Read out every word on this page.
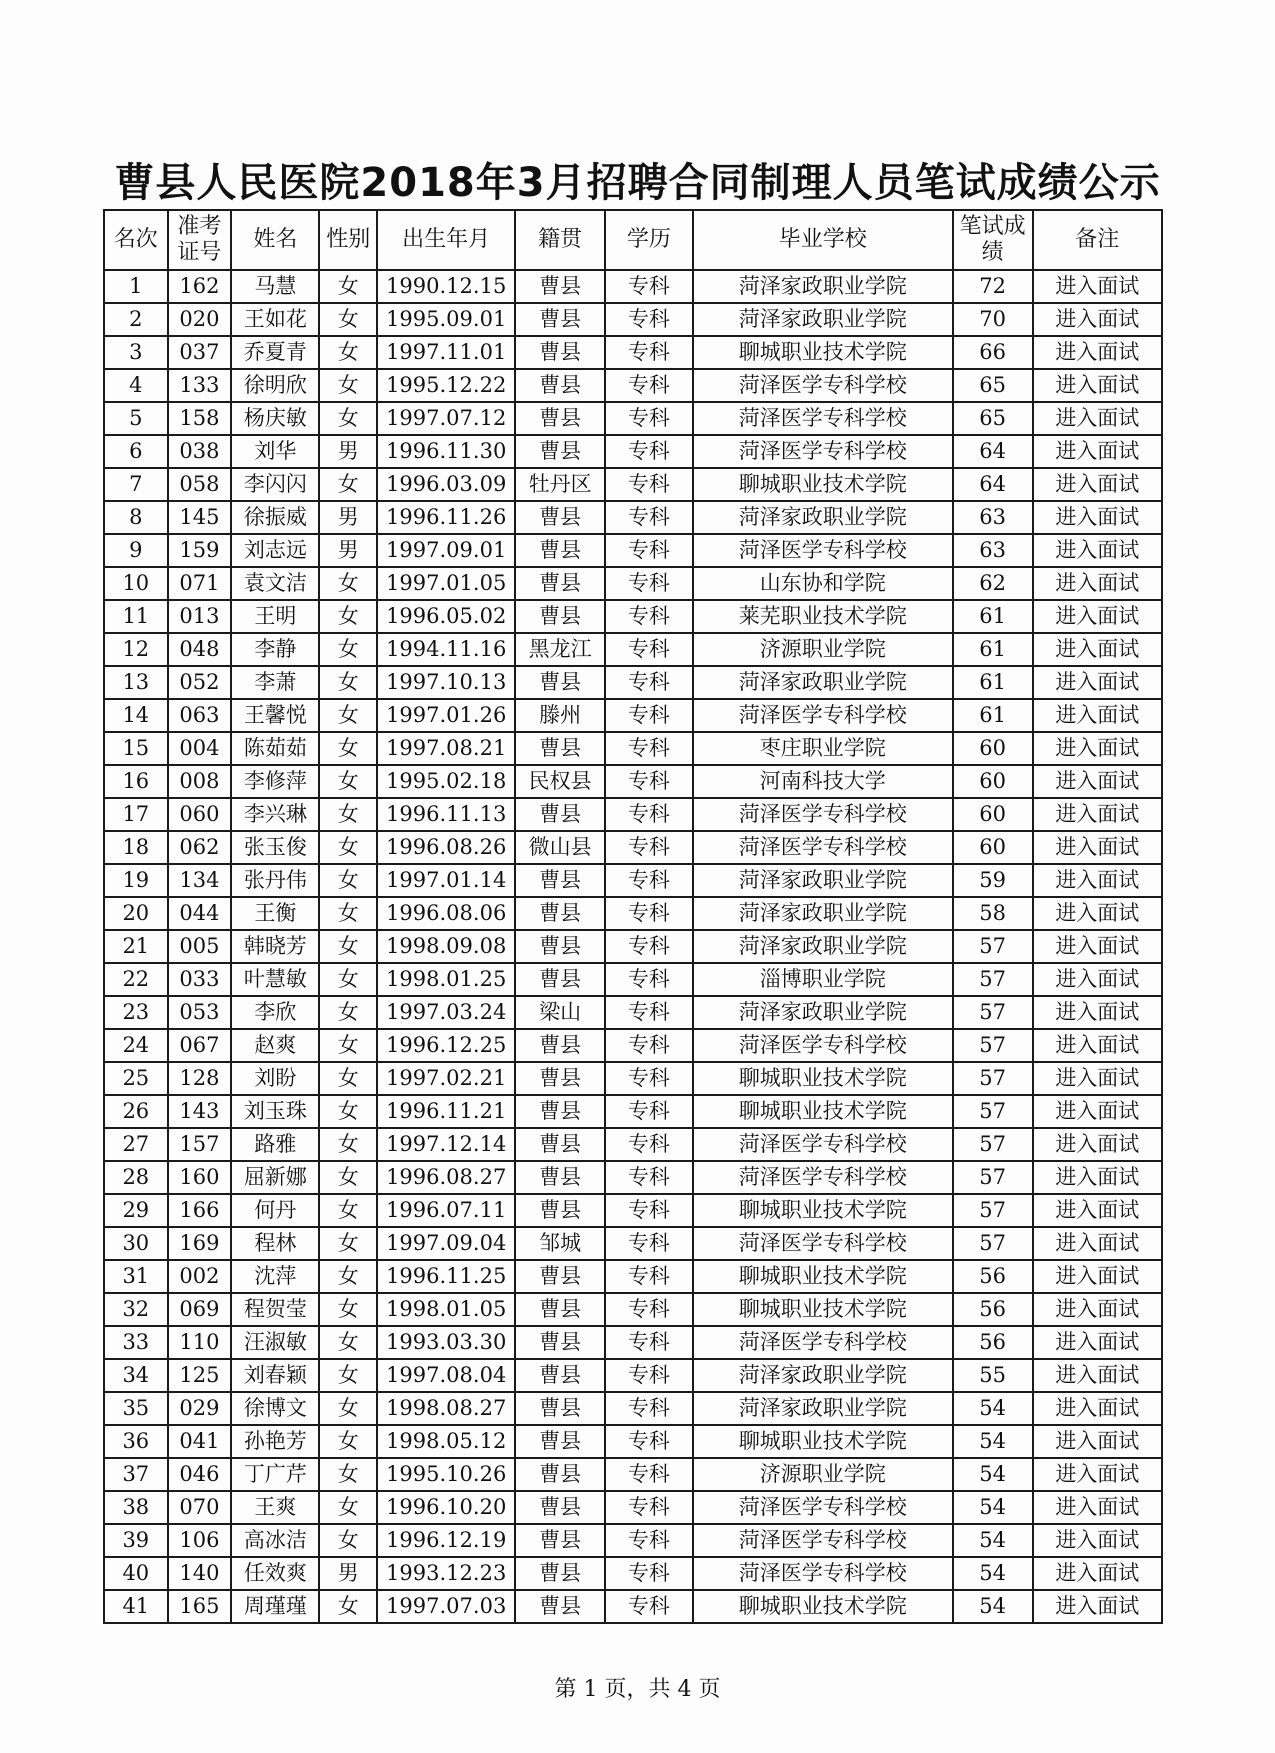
曹县人民医院2018年3月招聘合同制理人员笔试成绩公示
名次	准考证号	姓名	性别	出生年月	籍贯	学历	毕业学校	笔试成绩	备注
1	162	马慧	女	1990.12.15	曹县	专科	菏泽家政职业学院	72	进入面试
2	020	王如花	女	1995.09.01	曹县	专科	菏泽家政职业学院	70	进入面试
3	037	乔夏青	女	1997.11.01	曹县	专科	聊城职业技术学院	66	进入面试
4	133	徐明欣	女	1995.12.22	曹县	专科	菏泽医学专科学校	65	进入面试
5	158	杨庆敏	女	1997.07.12	曹县	专科	菏泽医学专科学校	65	进入面试
6	038	刘华	男	1996.11.30	曹县	专科	菏泽医学专科学校	64	进入面试
7	058	李闪闪	女	1996.03.09	牡丹区	专科	聊城职业技术学院	64	进入面试
8	145	徐振威	男	1996.11.26	曹县	专科	菏泽家政职业学院	63	进入面试
9	159	刘志远	男	1997.09.01	曹县	专科	菏泽医学专科学校	63	进入面试
10	071	袁文洁	女	1997.01.05	曹县	专科	山东协和学院	62	进入面试
11	013	王明	女	1996.05.02	曹县	专科	莱芜职业技术学院	61	进入面试
12	048	李静	女	1994.11.16	黑龙江	专科	济源职业学院	61	进入面试
13	052	李萧	女	1997.10.13	曹县	专科	菏泽家政职业学院	61	进入面试
14	063	王馨悦	女	1997.01.26	滕州	专科	菏泽医学专科学校	61	进入面试
15	004	陈茹茹	女	1997.08.21	曹县	专科	枣庄职业学院	60	进入面试
16	008	李修萍	女	1995.02.18	民权县	专科	河南科技大学	60	进入面试
17	060	李兴琳	女	1996.11.13	曹县	专科	菏泽医学专科学校	60	进入面试
18	062	张玉俊	女	1996.08.26	微山县	专科	菏泽医学专科学校	60	进入面试
19	134	张丹伟	女	1997.01.14	曹县	专科	菏泽家政职业学院	59	进入面试
20	044	王衡	女	1996.08.06	曹县	专科	菏泽家政职业学院	58	进入面试
21	005	韩晓芳	女	1998.09.08	曹县	专科	菏泽家政职业学院	57	进入面试
22	033	叶慧敏	女	1998.01.25	曹县	专科	淄博职业学院	57	进入面试
23	053	李欣	女	1997.03.24	梁山	专科	菏泽家政职业学院	57	进入面试
24	067	赵爽	女	1996.12.25	曹县	专科	菏泽医学专科学校	57	进入面试
25	128	刘盼	女	1997.02.21	曹县	专科	聊城职业技术学院	57	进入面试
26	143	刘玉珠	女	1996.11.21	曹县	专科	聊城职业技术学院	57	进入面试
27	157	路雅	女	1997.12.14	曹县	专科	菏泽医学专科学校	57	进入面试
28	160	屈新娜	女	1996.08.27	曹县	专科	菏泽医学专科学校	57	进入面试
29	166	何丹	女	1996.07.11	曹县	专科	聊城职业技术学院	57	进入面试
30	169	程林	女	1997.09.04	邹城	专科	菏泽医学专科学校	57	进入面试
31	002	沈萍	女	1996.11.25	曹县	专科	聊城职业技术学院	56	进入面试
32	069	程贺莹	女	1998.01.05	曹县	专科	聊城职业技术学院	56	进入面试
33	110	汪淑敏	女	1993.03.30	曹县	专科	菏泽医学专科学校	56	进入面试
34	125	刘春颖	女	1997.08.04	曹县	专科	菏泽家政职业学院	55	进入面试
35	029	徐博文	女	1998.08.27	曹县	专科	菏泽家政职业学院	54	进入面试
36	041	孙艳芳	女	1998.05.12	曹县	专科	聊城职业技术学院	54	进入面试
37	046	丁广芹	女	1995.10.26	曹县	专科	济源职业学院	54	进入面试
38	070	王爽	女	1996.10.20	曹县	专科	菏泽医学专科学校	54	进入面试
39	106	高冰洁	女	1996.12.19	曹县	专科	菏泽医学专科学校	54	进入面试
40	140	任效爽	男	1993.12.23	曹县	专科	菏泽医学专科学校	54	进入面试
41	165	周瑾瑾	女	1997.07.03	曹县	专科	聊城职业技术学院	54	进入面试
第 1 页，共 4 页
